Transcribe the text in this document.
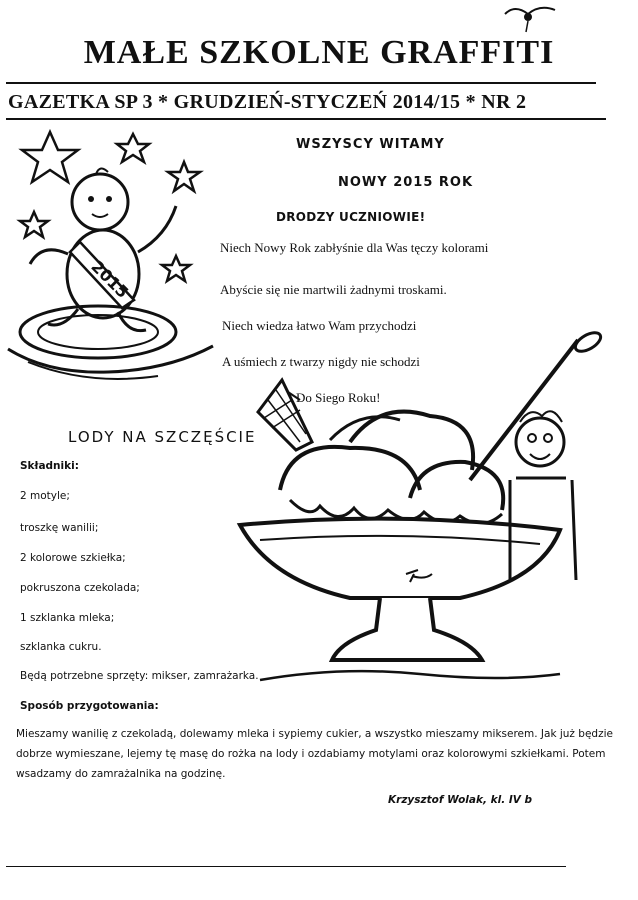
MAŁE SZKOLNE GRAFFITI
GAZETKA SP 3 * GRUDZIEŃ-STYCZEŃ 2014/15 * NR 2
2015
WSZYSCY WITAMY
NOWY 2015 ROK
DRODZY UCZNIOWIE!
Niech Nowy Rok zabłyśnie dla Was tęczy kolorami
Abyście się nie martwili żadnymi troskami.
Niech wiedza łatwo Wam przychodzi
A uśmiech z twarzy nigdy nie schodzi
Do Siego Roku!
LODY NA SZCZĘŚCIE
Składniki:
2 motyle;
troszkę wanilii;
2 kolorowe szkiełka;
pokruszona czekolada;
1 szklanka mleka;
szklanka cukru.
Będą potrzebne sprzęty: mikser, zamrażarka.
Sposób przygotowania:
Mieszamy wanilię z czekoladą, dolewamy mleka i sypiemy cukier, a wszystko mieszamy mikserem. Jak już będzie dobrze wymieszane, lejemy tę masę do rożka na lody i ozdabiamy motylami oraz kolorowymi szkiełkami. Potem wsadzamy do zamrażalnika na godzinę.
Krzysztof Wolak, kl. IV b
